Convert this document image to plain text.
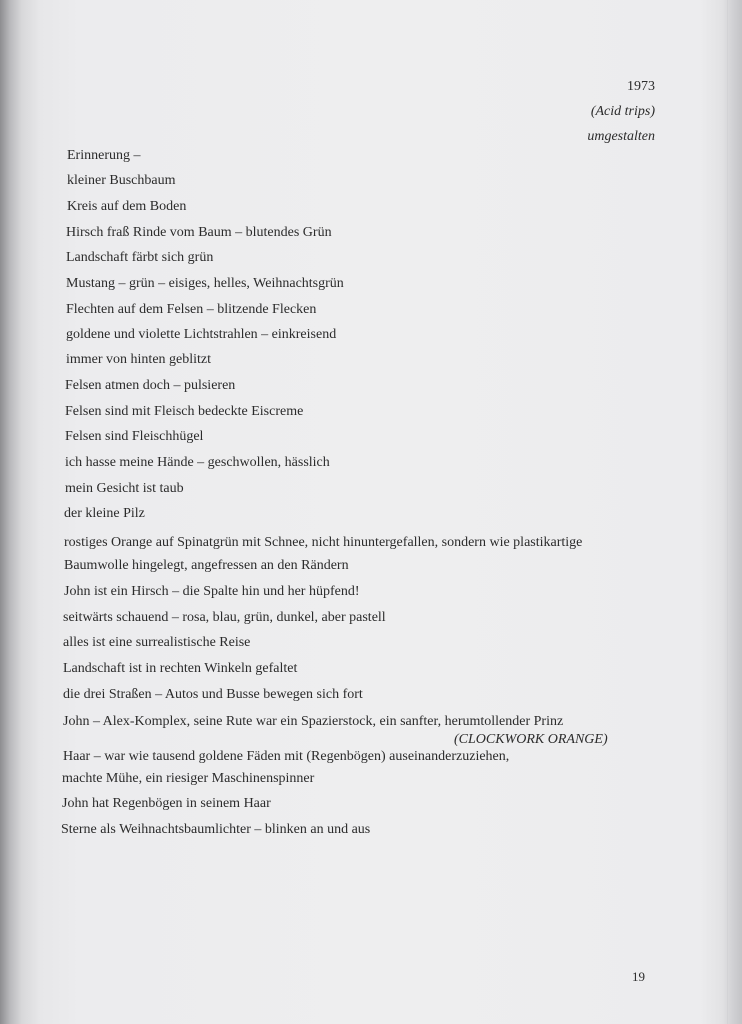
1973
(Acid trips)
umgestalten
Erinnerung –
kleiner Buschbaum
Kreis auf dem Boden
Hirsch fraß Rinde vom Baum – blutendes Grün
Landschaft färbt sich grün
Mustang – grün – eisiges, helles, Weihnachtsgrün
Flechten auf dem Felsen – blitzende Flecken
goldene und violette Lichtstrahlen – einkreisend
immer von hinten geblitzt
Felsen atmen doch – pulsieren
Felsen sind mit Fleisch bedeckte Eiscreme
Felsen sind Fleischhügel
ich hasse meine Hände – geschwollen, hässlich
mein Gesicht ist taub
der kleine Pilz
rostiges Orange auf Spinatgrün mit Schnee, nicht hinuntergefallen, sondern wie plastikartige
Baumwolle hingelegt, angefressen an den Rändern
John ist ein Hirsch – die Spalte hin und her hüpfend!
seitwärts schauend – rosa, blau, grün, dunkel, aber pastell
alles ist eine surrealistische Reise
Landschaft ist in rechten Winkeln gefaltet
die drei Straßen – Autos und Busse bewegen sich fort
John – Alex-Komplex, seine Rute war ein Spazierstock, ein sanfter, herumtollender Prinz
(CLOCKWORK ORANGE)
Haar – war wie tausend goldene Fäden mit (Regenbögen) auseinanderzuziehen,
machte Mühe, ein riesiger Maschinenspinner
John hat Regenbögen in seinem Haar
Sterne als Weihnachtsbaumlichter – blinken an und aus
19
